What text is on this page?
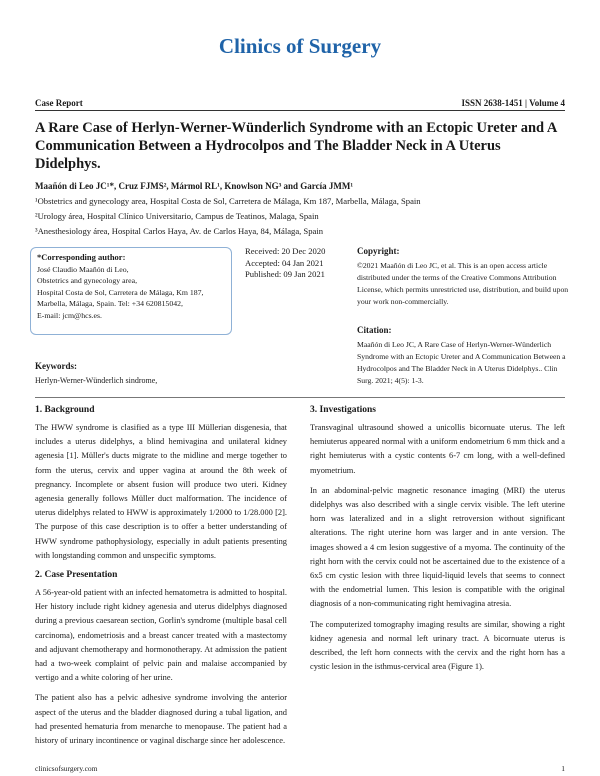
Clinics of Surgery
Case Report	ISSN 2638-1451 | Volume 4
A Rare Case of Herlyn-Werner-Wünderlich Syndrome with an Ectopic Ureter and A Communication Between a Hydrocolpos and The Bladder Neck in A Uterus Didelphys.
Maañón di Leo JC¹*, Cruz FJMS², Mármol RL¹, Knowlson NG³ and García JMM¹
¹Obstetrics and gynecology area, Hospital Costa de Sol, Carretera de Málaga, Km 187, Marbella, Málaga, Spain
²Urology área, Hospital Clínico Universitario, Campus de Teatinos, Malaga, Spain
³Anesthesiology área, Hospital Carlos Haya, Av. de Carlos Haya, 84, Málaga, Spain
*Corresponding author:
José Claudio Maañón di Leo,
Obstetrics and gynecology area,
Hospital Costa de Sol, Carretera de Málaga, Km 187,
Marbella, Málaga, Spain. Tel: +34 620815042,
E-mail: jcm@hcs.es.
Received: 20 Dec 2020
Accepted: 04 Jan 2021
Published: 09 Jan 2021
Copyright:
©2021 Maañón di Leo JC, et al. This is an open access article distributed under the terms of the Creative Commons Attribution License, which permits unrestricted use, distribution, and build upon your work non-commercially.
Citation:
Maañón di Leo JC, A Rare Case of Herlyn-Werner-Wünderlich Syndrome with an Ectopic Ureter and A Communication Between a Hydrocolpos and The Bladder Neck in A Uterus Didelphys.. Clin Surg. 2021; 4(5): 1-3.
Keywords:
Herlyn-Werner-Wünderlich sindrome,
1. Background

The HWW syndrome is clasified as a type III Müllerian disgenesia, that includes a uterus didelphys, a blind hemivagina and unilateral kidney agenesia [1]. Müller's ducts migrate to the midline and merge together to form the uterus, cervix and upper vagina at around the 8th week of pregnancy. Incomplete or absent fusion will produce two uteri. Kidney agenesia generally follows Müller duct malformation. The incidence of uterus didelphys related to HWW is approximately 1/2000 to 1/28.000 [2]. The purpose of this case description is to offer a better understanding of HWW syndrome pathophysiology, especially in adult patients presenting with longstanding common and unspecific symptoms.

2. Case Presentation

A 56-year-old patient with an infected hematometra is admitted to hospital. Her history include right kidney agenesia and uterus didelphys diagnosed during a previous caesarean section, Gorlin's syndrome (multiple basal cell carcinoma), endometriosis and a breast cancer treated with a mastectomy and adjuvant chemotherapy and hormonotherapy. At admission the patient had a two-week complaint of pelvic pain and malaise accompanied by vertigo and a white coloring of her urine.

The patient also has a pelvic adhesive syndrome involving the anterior aspect of the uterus and the bladder diagnosed during a tubal ligation, and had presented hematuria from menarche to menopause. The patient had a history of urinary incontinence or vaginal discharge since her adolescence.

3. Investigations

Transvaginal ultrasound showed a unicollis bicornuate uterus. The left hemiuterus appeared normal with a uniform endometrium 6 mm thick and a right hemiuterus with a cystic contents 6-7 cm long, with a well-defined myometrium.

In an abdominal-pelvic magnetic resonance imaging (MRI) the uterus didelphys was also described with a single cervix visible. The left uterine horn was lateralized and in a slight retroversion without significant alterations. The right uterine horn was larger and in ante version. The images showed a 4 cm lesion suggestive of a myoma. The continuity of the right horn with the cervix could not be ascertained due to the existence of a 6x5 cm cystic lesion with three liquid-liquid levels that seems to connect with the endometrial lumen. This lesion is compatible with the original diagnosis of a non-communicating right hemivagina atresia.

The computerized tomography imaging results are similar, showing a right kidney agenesia and normal left urinary tract. A bicornuate uterus is described, the left horn connects with the cervix and the right horn has a cystic lesion in the isthmus-cervical area (Figure 1).

clinicsofsurgery.com	1
